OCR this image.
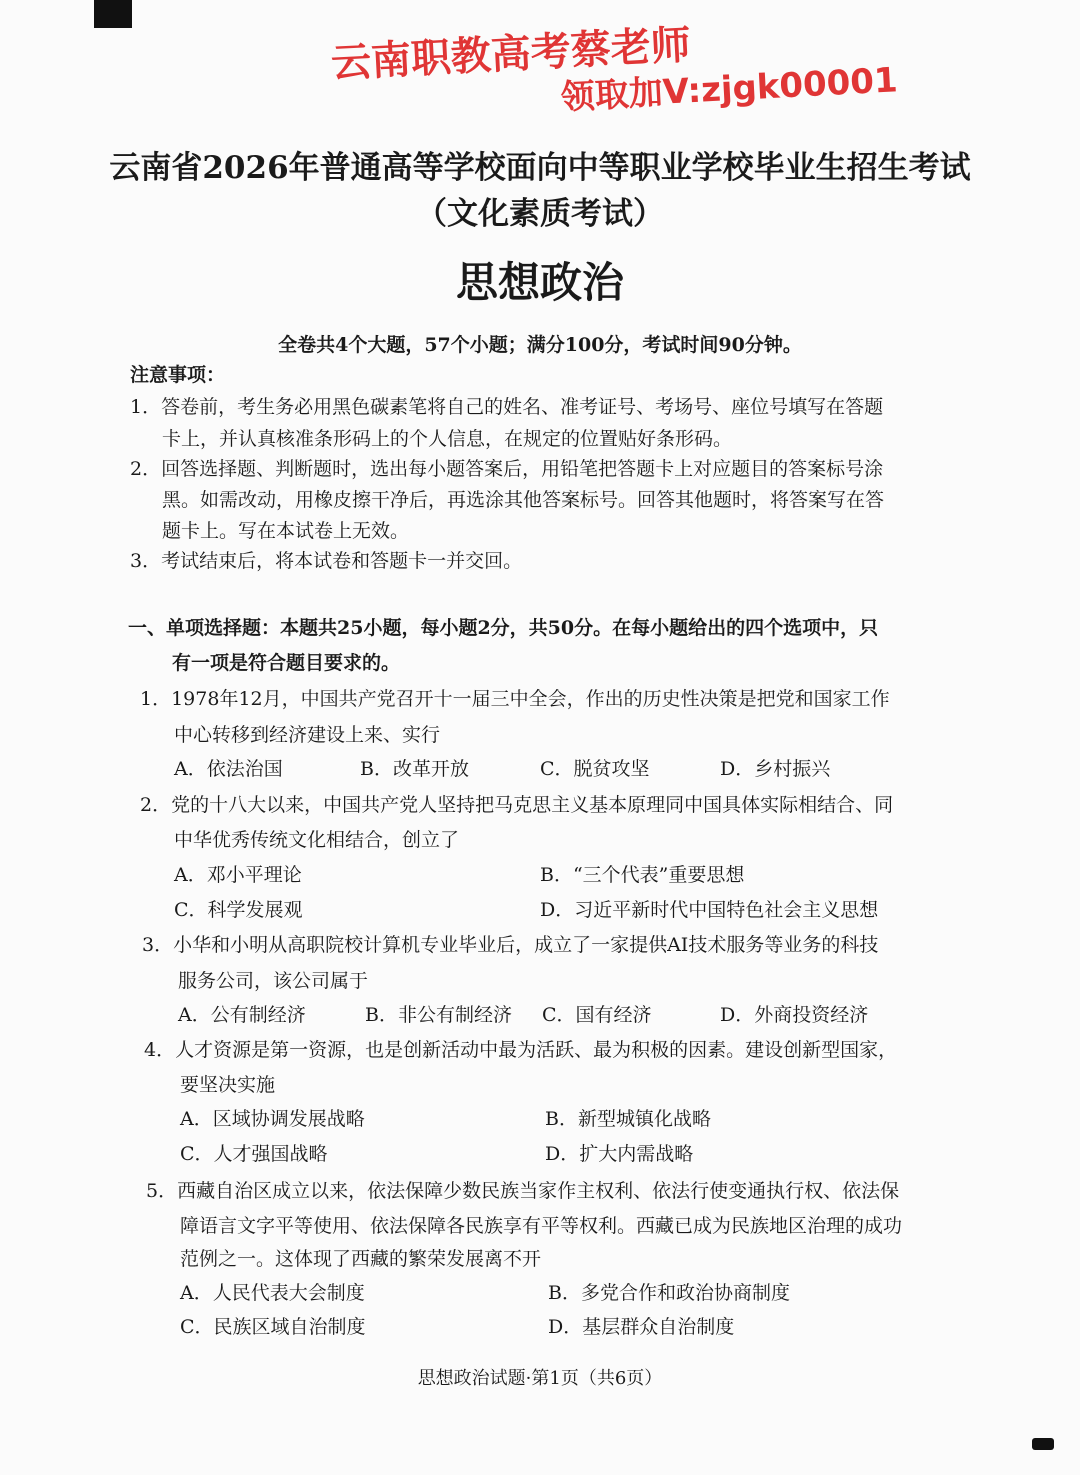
云南职教高考蔡老师
领取加V:zjgk00001
云南省2026年普通高等学校面向中等职业学校毕业生招生考试
（文化素质考试）
思想政治
全卷共4个大题，57个小题；满分100分，考试时间90分钟。
注意事项：
1．答卷前，考生务必用黑色碳素笔将自己的姓名、准考证号、考场号、座位号填写在答题
卡上，并认真核准条形码上的个人信息，在规定的位置贴好条形码。
2．回答选择题、判断题时，选出每小题答案后，用铅笔把答题卡上对应题目的答案标号涂
黑。如需改动，用橡皮擦干净后，再选涂其他答案标号。回答其他题时，将答案写在答
题卡上。写在本试卷上无效。
3．考试结束后，将本试卷和答题卡一并交回。
一、单项选择题：本题共25小题，每小题2分，共50分。在每小题给出的四个选项中，只
有一项是符合题目要求的。
1．1978年12月，中国共产党召开十一届三中全会，作出的历史性决策是把党和国家工作
中心转移到经济建设上来、实行
A．依法治国	B．改革开放	C．脱贫攻坚	D．乡村振兴
2．党的十八大以来，中国共产党人坚持把马克思主义基本原理同中国具体实际相结合、同
中华优秀传统文化相结合，创立了
A．邓小平理论	B．“三个代表”重要思想
C．科学发展观	D．习近平新时代中国特色社会主义思想
3．小华和小明从高职院校计算机专业毕业后，成立了一家提供AI技术服务等业务的科技
服务公司，该公司属于
A．公有制经济	B．非公有制经济 C．国有经济	D．外商投资经济
4．人才资源是第一资源，也是创新活动中最为活跃、最为积极的因素。建设创新型国家，
要坚决实施
A．区域协调发展战略	B．新型城镇化战略
C．人才强国战略	D．扩大内需战略
5．西藏自治区成立以来，依法保障少数民族当家作主权利、依法行使变通执行权、依法保
障语言文字平等使用、依法保障各民族享有平等权利。西藏已成为民族地区治理的成功
范例之一。这体现了西藏的繁荣发展离不开
A．人民代表大会制度	B．多党合作和政治协商制度
C．民族区域自治制度	D．基层群众自治制度
思想政治试题·第1页（共6页）
